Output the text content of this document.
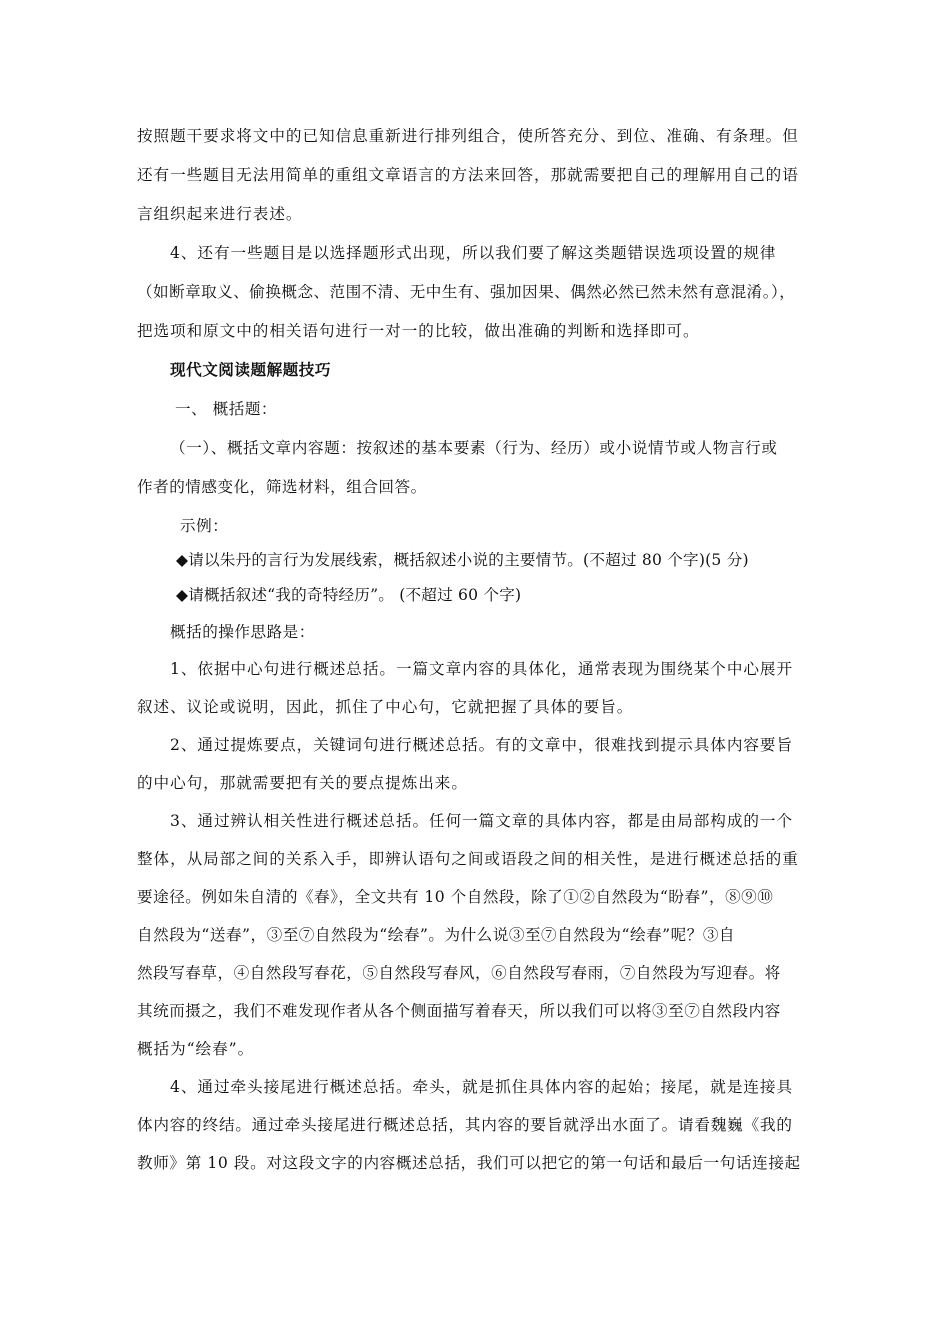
按照题干要求将文中的已知信息重新进行排列组合，使所答充分、到位、准确、有条理。但
还有一些题目无法用简单的重组文章语言的方法来回答，那就需要把自己的理解用自己的语
言组织起来进行表述。
4、还有一些题目是以选择题形式出现，所以我们要了解这类题错误选项设置的规律
（如断章取义、偷换概念、范围不清、无中生有、强加因果、偶然必然已然未然有意混淆。），
把选项和原文中的相关语句进行一对一的比较，做出准确的判断和选择即可。
现代文阅读题解题技巧
一、 概括题：
（一）、概括文章内容题：按叙述的基本要素（行为、经历）或小说情节或人物言行或
作者的情感变化，筛选材料，组合回答。
示例：
◆请以朱丹的言行为发展线索，概括叙述小说的主要情节。(不超过 80 个字)(5 分)
◆请概括叙述“我的奇特经历”。 (不超过 60 个字)
概括的操作思路是：
1、依据中心句进行概述总括。一篇文章内容的具体化，通常表现为围绕某个中心展开
叙述、议论或说明，因此，抓住了中心句，它就把握了具体的要旨。
2、通过提炼要点，关键词句进行概述总括。有的文章中，很难找到提示具体内容要旨
的中心句，那就需要把有关的要点提炼出来。
3、通过辨认相关性进行概述总括。任何一篇文章的具体内容，都是由局部构成的一个
整体，从局部之间的关系入手，即辨认语句之间或语段之间的相关性，是进行概述总括的重
要途径。例如朱自清的《春》，全文共有 10 个自然段，除了①②自然段为“盼春”，⑧⑨⑩
自然段为“送春”，③至⑦自然段为“绘春”。为什么说③至⑦自然段为“绘春”呢？③自
然段写春草，④自然段写春花，⑤自然段写春风，⑥自然段写春雨，⑦自然段为写迎春。将
其统而摄之，我们不难发现作者从各个侧面描写着春天，所以我们可以将③至⑦自然段内容
概括为“绘春”。
4、通过牵头接尾进行概述总括。牵头，就是抓住具体内容的起始；接尾，就是连接具
体内容的终结。通过牵头接尾进行概述总括，其内容的要旨就浮出水面了。请看魏巍《我的
教师》第 10 段。对这段文字的内容概述总括，我们可以把它的第一句话和最后一句话连接起
